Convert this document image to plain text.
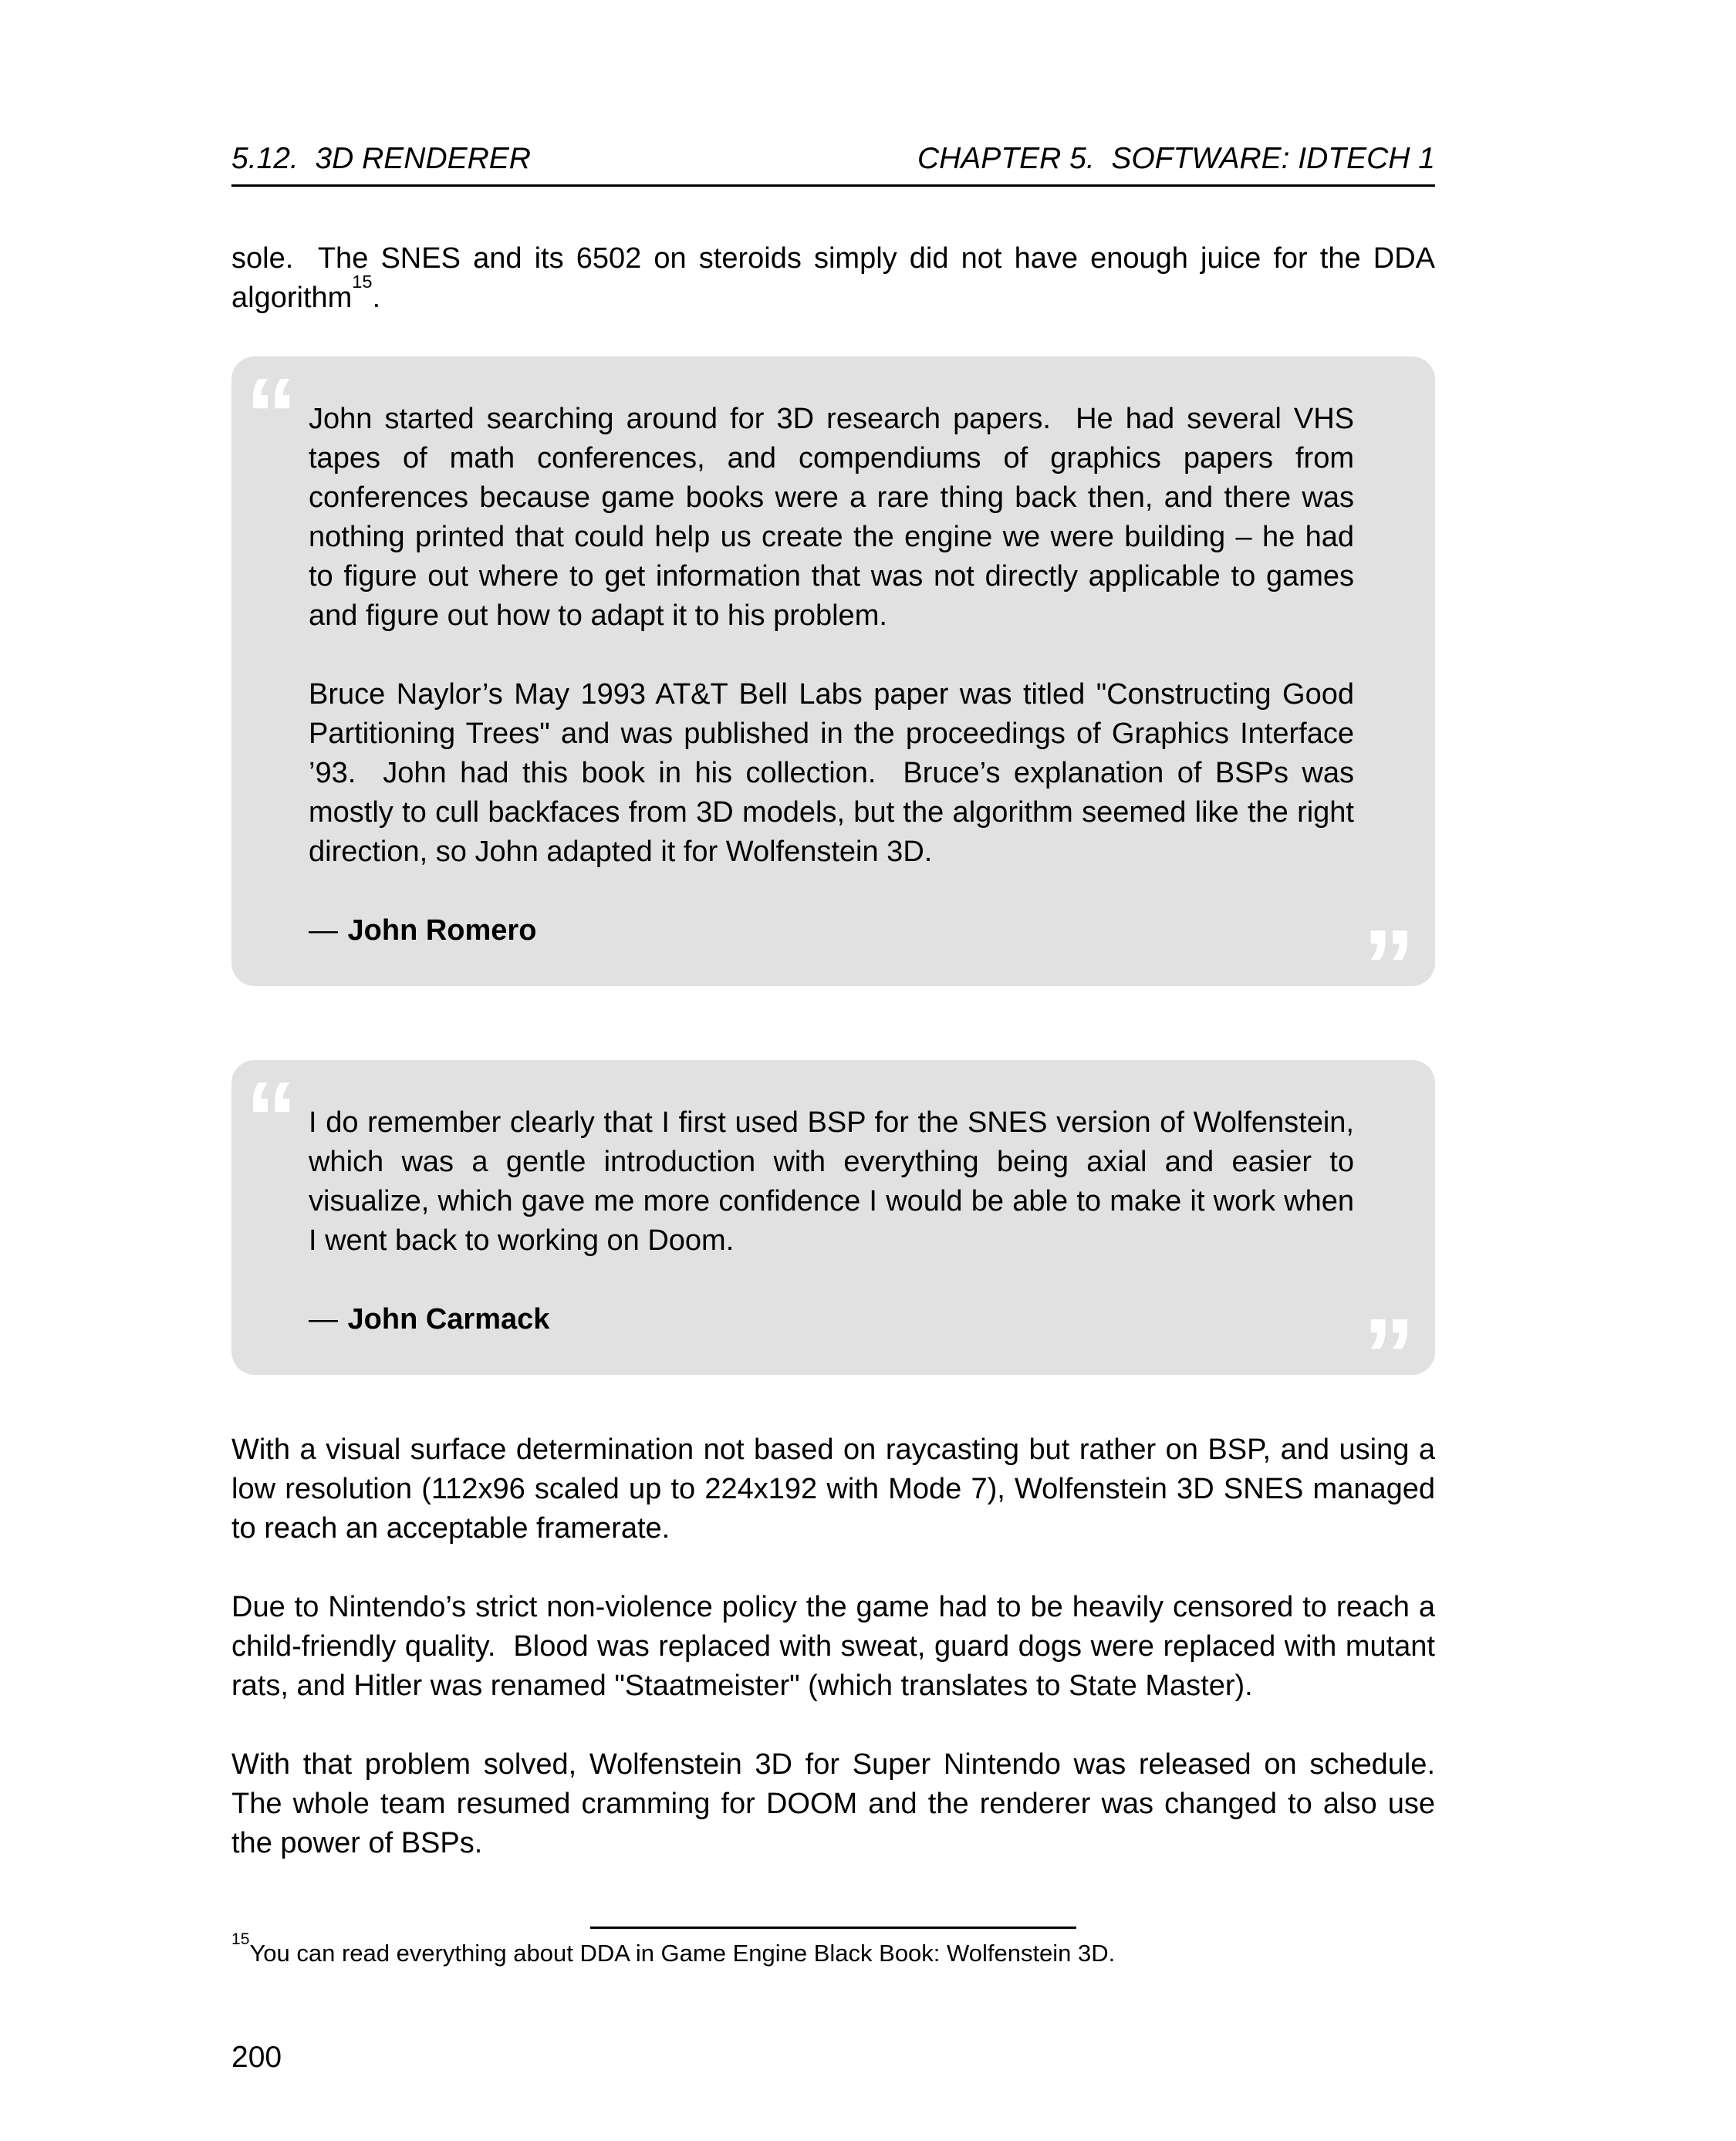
5.12.  3D RENDERER	CHAPTER 5.  SOFTWARE: IDTECH 1

sole.  The SNES and its 6502 on steroids simply did not have enough juice for the DDA algorithm$^{15}$.

“ John started searching around for 3D research papers.  He had several VHS tapes of math conferences, and compendiums of graphics papers from conferences because game books were a rare thing back then, and there was nothing printed that could help us create the engine we were building – he had to figure out where to get information that was not directly applicable to games and figure out how to adapt it to his problem.

Bruce Naylor’s May 1993 AT&T Bell Labs paper was titled "Constructing Good Partitioning Trees" and was published in the proceedings of Graphics Interface ’93.  John had this book in his collection.  Bruce’s explanation of BSPs was mostly to cull backfaces from 3D models, but the algorithm seemed like the right direction, so John adapted it for Wolfenstein 3D.

— John Romero	”
“ I do remember clearly that I first used BSP for the SNES version of Wolfenstein, which was a gentle introduction with everything being axial and easier to visualize, which gave me more confidence I would be able to make it work when I went back to working on Doom.

— John Carmack	”

With a visual surface determination not based on raycasting but rather on BSP, and using a low resolution (112x96 scaled up to 224x192 with Mode 7), Wolfenstein 3D SNES managed to reach an acceptable framerate.

Due to Nintendo’s strict non-violence policy the game had to be heavily censored to reach a child-friendly quality.  Blood was replaced with sweat, guard dogs were replaced with mutant rats, and Hitler was renamed "Staatmeister" (which translates to State Master).

With that problem solved, Wolfenstein 3D for Super Nintendo was released on schedule. The whole team resumed cramming for DOOM and the renderer was changed to also use the power of BSPs.

$^{15}$You can read everything about DDA in Game Engine Black Book: Wolfenstein 3D.

200
